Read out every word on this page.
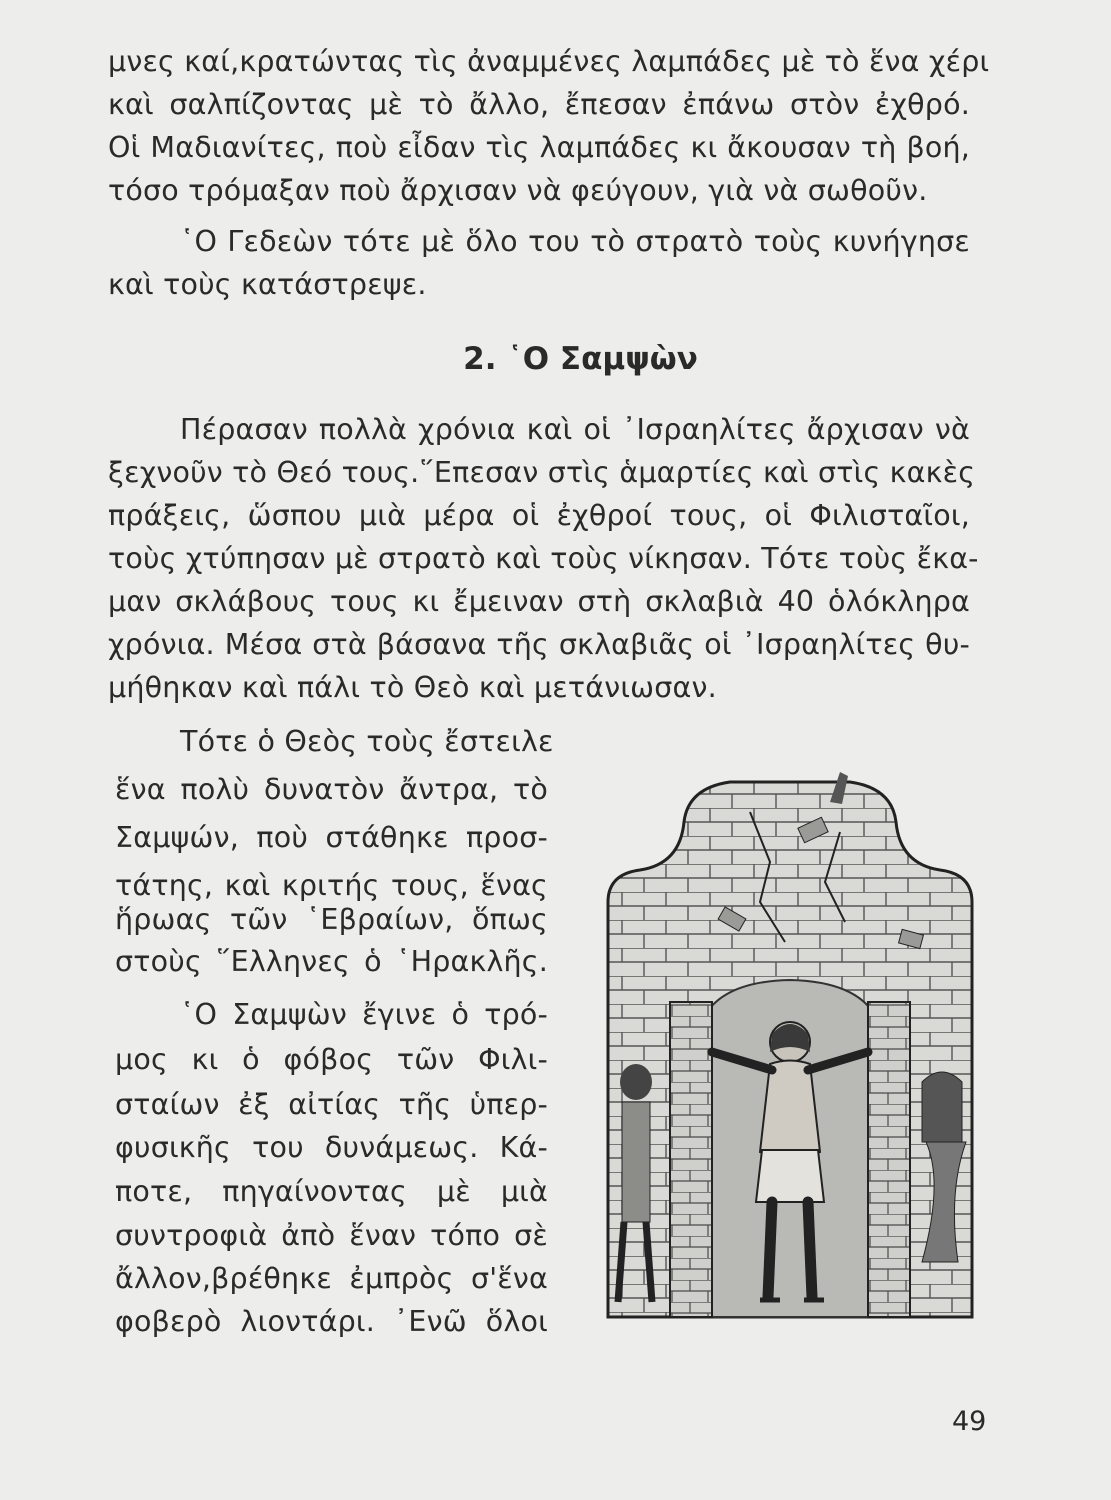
μνες καί,κρατώντας τὶς ἀναμμένες λαμπάδες μὲ τὸ ἕνα χέρι

καὶ σαλπίζοντας μὲ τὸ ἄλλο, ἔπεσαν ἐπάνω στὸν ἐχθρό.

Οἱ Μαδιανίτες, ποὺ εἶδαν τὶς λαμπάδες κι ἄκουσαν τὴ βοή,

τόσο τρόμαξαν ποὺ ἄρχισαν νὰ φεύγουν, γιὰ νὰ σωθοῦν.

῾Ο Γεδεὼν τότε μὲ ὅλο του τὸ στρατὸ τοὺς κυνήγησε

καὶ τοὺς κατάστρεψε.

2. ῾Ο Σαμψὼν

Πέρασαν πολλὰ χρόνια καὶ οἱ ᾿Ισραηλίτες ἄρχισαν νὰ

ξεχνοῦν τὸ Θεό τους.῞Επεσαν στὶς ἁμαρτίες καὶ στὶς κακὲς

πράξεις, ὥσπου μιὰ μέρα οἱ ἐχθροί τους, οἱ Φιλισταῖοι,

τοὺς χτύπησαν μὲ στρατὸ καὶ τοὺς νίκησαν. Τότε τοὺς ἔκα-

μαν σκλάβους τους κι ἔμειναν στὴ σκλαβιὰ 40 ὁλόκληρα

χρόνια. Μέσα στὰ βάσανα τῆς σκλαβιᾶς οἱ ᾿Ισραηλίτες θυ-

μήθηκαν καὶ πάλι τὸ Θεὸ καὶ μετάνιωσαν.

Τότε ὁ Θεὸς τοὺς ἔστειλε

ἕνα πολὺ δυνατὸν ἄντρα, τὸ

Σαμψών, ποὺ στάθηκε προσ-

τάτης, καὶ κριτής τους, ἕνας

ἥρωας τῶν ῾Εβραίων, ὅπως

στοὺς ῞Ελληνες ὁ ῾Ηρακλῆς.

῾Ο Σαμψὼν ἔγινε ὁ τρό-

μος κι ὁ φόβος τῶν Φιλι-

σταίων ἐξ αἰτίας τῆς ὑπερ-

φυσικῆς του δυνάμεως. Κά-

ποτε, πηγαίνοντας μὲ μιὰ

συντροφιὰ ἀπὸ ἕναν τόπο σὲ

ἄλλον,βρέθηκε ἐμπρὸς σ'ἕνα

φοβερὸ λιοντάρι. ᾿Ενῶ ὅλοι

49
